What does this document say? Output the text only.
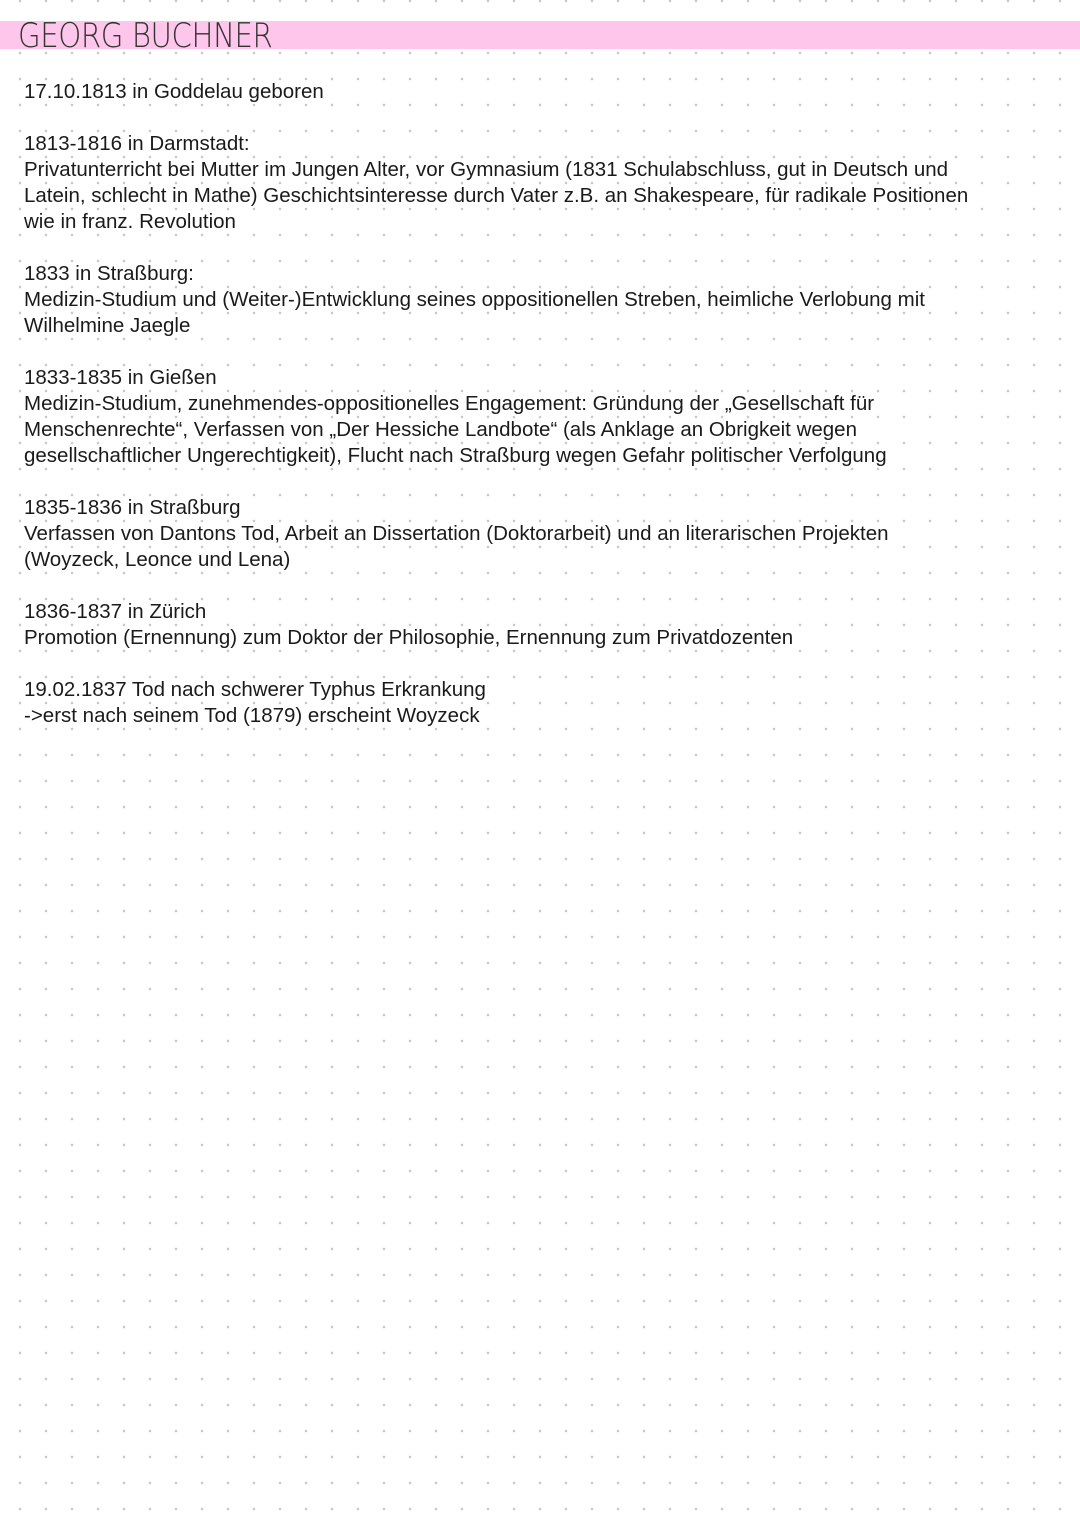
GEORG BUCHNER

17.10.1813 in Goddelau geboren

1813-1816 in Darmstadt:

Privatunterricht bei Mutter im Jungen Alter, vor Gymnasium (1831 Schulabschluss, gut in Deutsch und

Latein, schlecht in Mathe) Geschichtsinteresse durch Vater z.B. an Shakespeare, für radikale Positionen

wie in franz. Revolution

1833 in Straßburg:

Medizin-Studium und (Weiter-)Entwicklung seines oppositionellen Streben, heimliche Verlobung mit

Wilhelmine Jaegle

1833-1835 in Gießen

Medizin-Studium, zunehmendes-oppositionelles Engagement: Gründung der „Gesellschaft für

Menschenrechte“, Verfassen von „Der Hessiche Landbote“ (als Anklage an Obrigkeit wegen

gesellschaftlicher Ungerechtigkeit), Flucht nach Straßburg wegen Gefahr politischer Verfolgung

1835-1836 in Straßburg

Verfassen von Dantons Tod, Arbeit an Dissertation (Doktorarbeit) und an literarischen Projekten

(Woyzeck, Leonce und Lena)

1836-1837 in Zürich

Promotion (Ernennung) zum Doktor der Philosophie, Ernennung zum Privatdozenten

19.02.1837 Tod nach schwerer Typhus Erkrankung

->erst nach seinem Tod (1879) erscheint Woyzeck
